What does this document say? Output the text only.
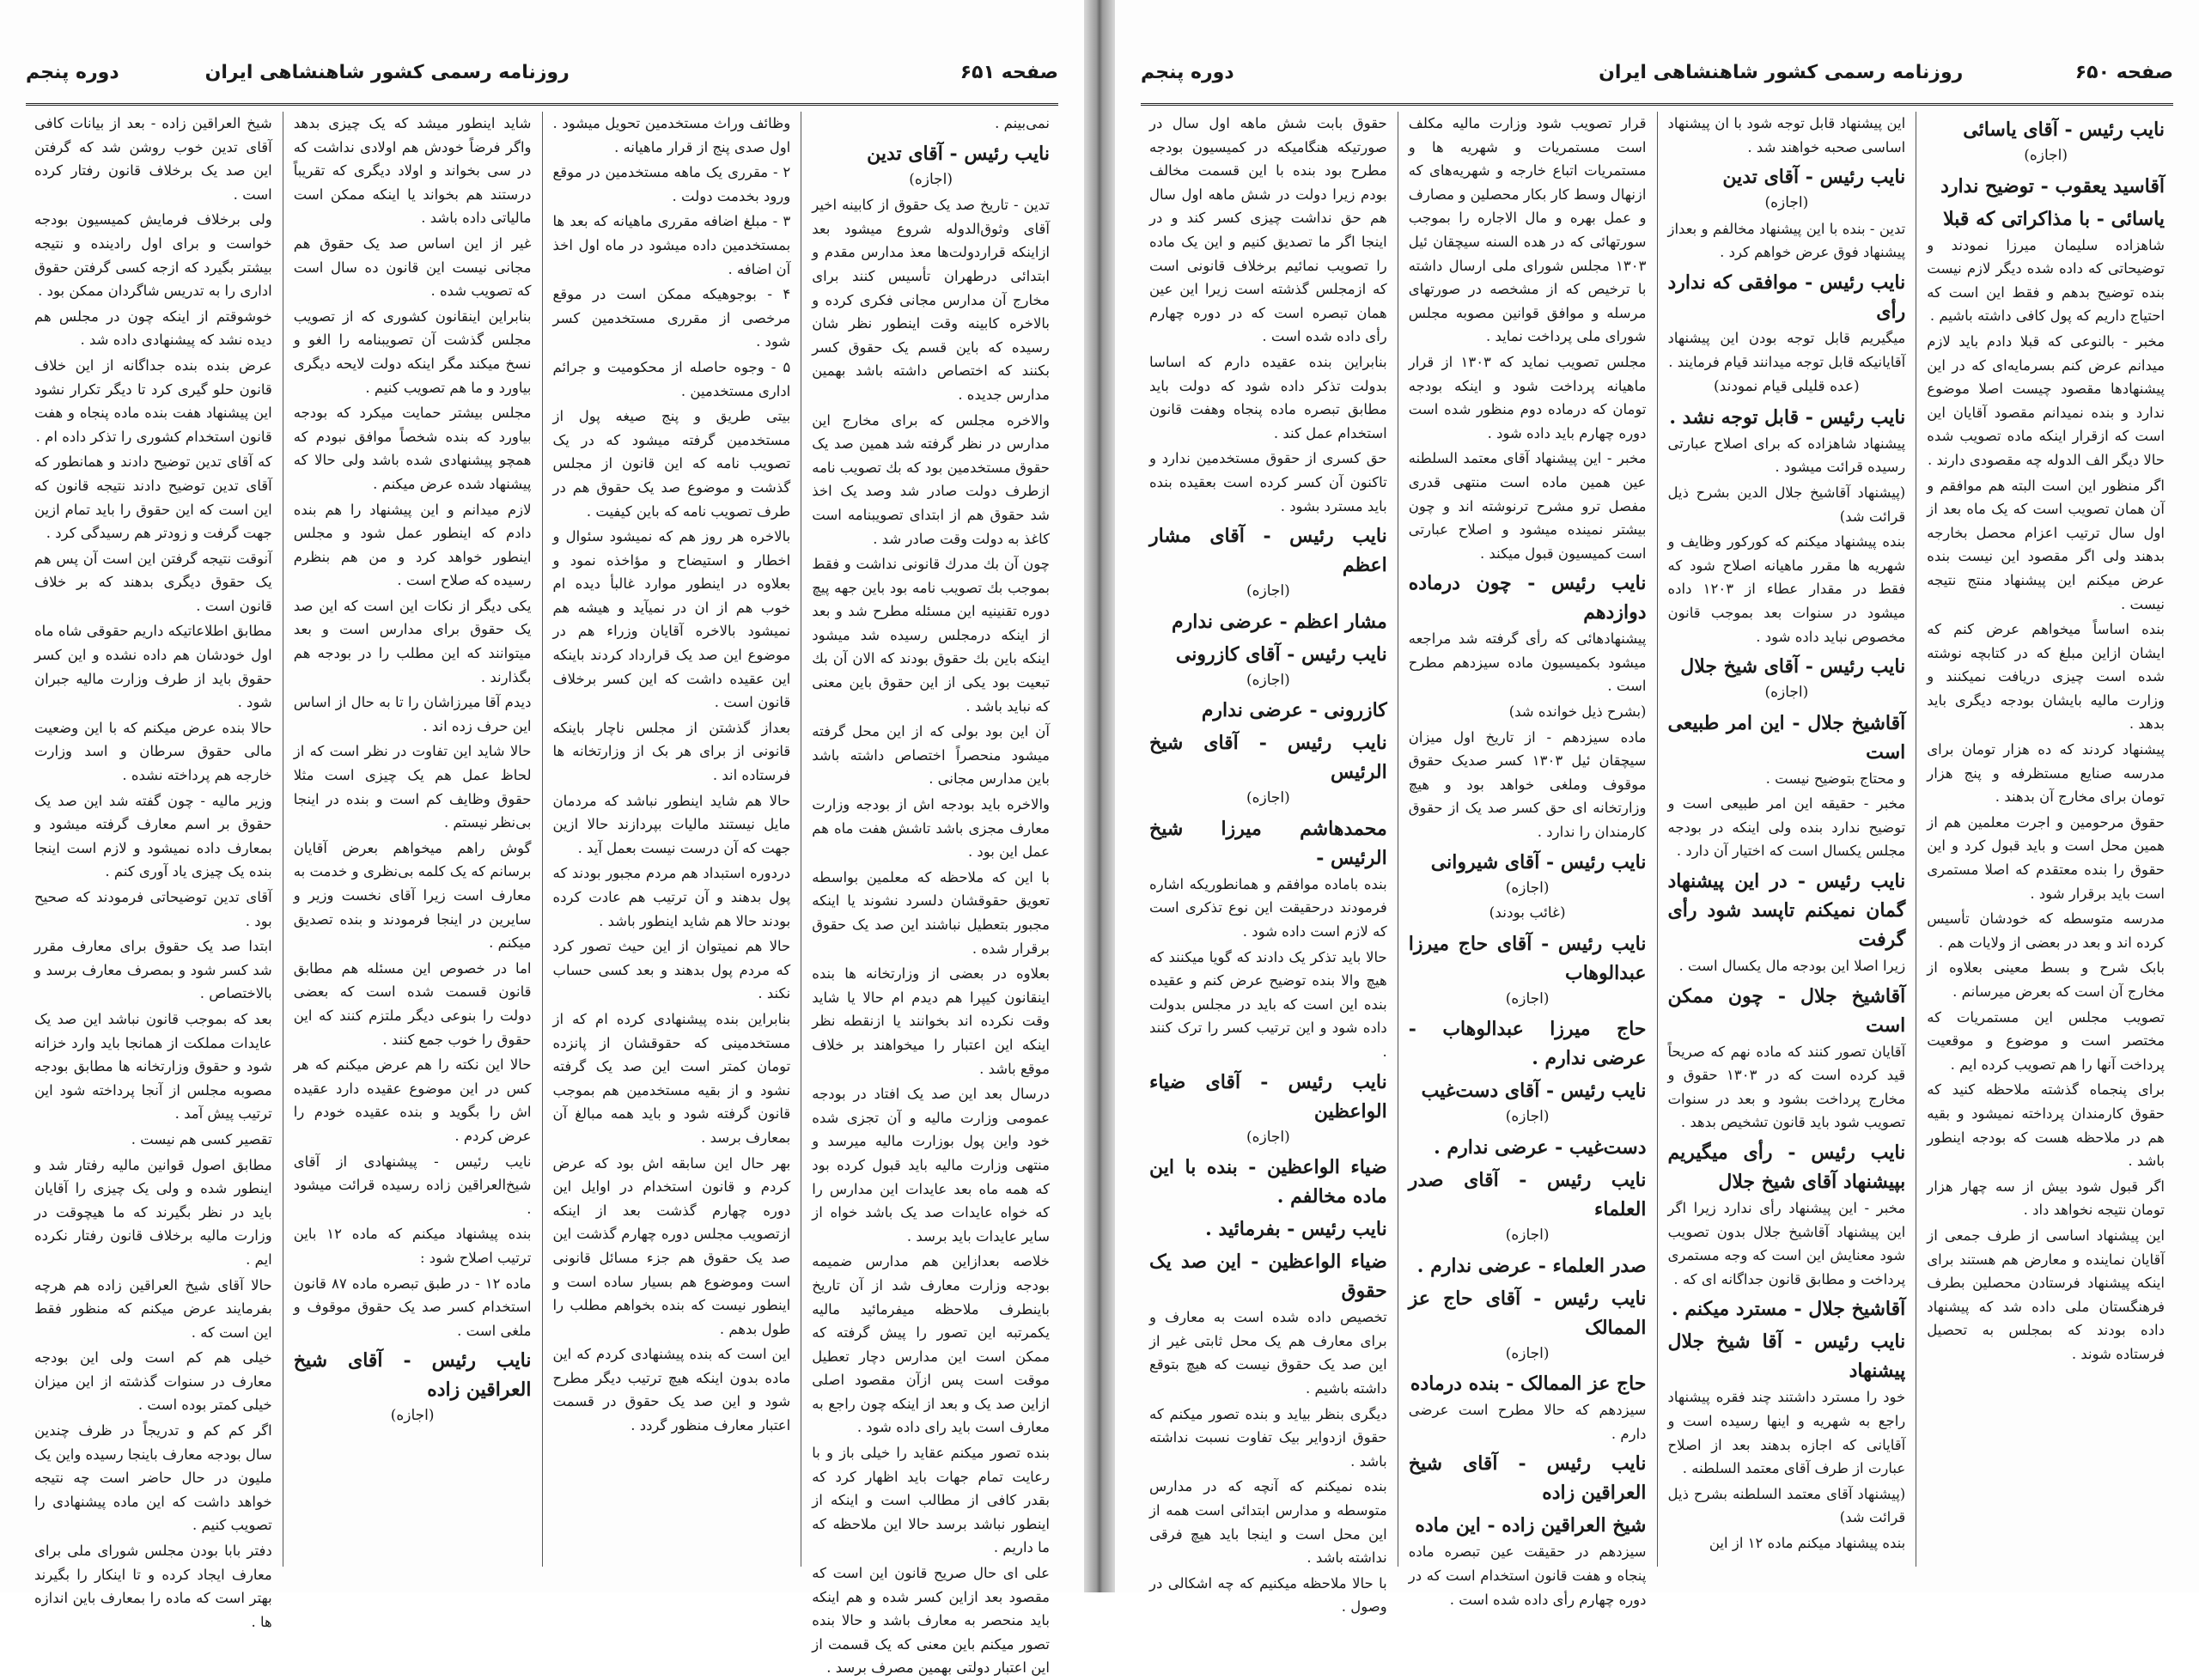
صفحه ۶۵۱
روزنامه رسمی کشور شاهنشاهی ایران
دوره پنجم

نمی‌بینم .

نایب رئیس - آقای تدین
(اجازه)

تدین - تاریخ صد یک حقوق از کابینه اخیر آقای وثوق‌الدوله شروع میشود بعد ازاینکه قراردولت‌ها معذ مدارس مقدم و ابتدائی درطهران تأسیس کنند برای مخارج آن مدارس مجانی فکری کرده و بالاخره کابینه وقت اینطور نظر شان رسیده که باین قسم یک حقوق کسر بکنند که اختصاص داشته باشد بهمین مدارس جدیده .

والاخره مجلس که برای مخارج این مدارس در نظر گرفته شد همین صد یک حقوق مستخدمین بود که بك تصويب نامه ازطرف دولت صادر شد وصد یک اخذ شد حقوق هم از ابتدای تصویبنامه است کاغذ به دولت وقت صادر شد .

چون آن بك مدرك قانونی نداشت و فقط بموجب بك تصويب نامه بود باین جهه پیچ دوره تقنینیه این مسئله مطرح شد و بعد از اینکه درمجلس رسیده شد میشود اینکه باین بك حقوق بودند که الان آن بك تبعیت بود یکی از این حقوق باین معنی که نباید باشد .

آن این بود بولی که از این محل گرفته میشود منحصراً اختصاص داشته باشد باین مدارس مجانی .

والاخره باید بودجه اش از بودجه وزارت معارف مجزی باشد تاشش هفت ماه هم عمل این بود .

با این که ملاحظه که معلمین بواسطه تعویق حقوقشان دلسرد نشوند یا اینکه مجبور بتعطیل نباشند این صد یک حقوق برقرار شده .

بعلاوه در بعضی از وزارتخانه ها بنده اینقانون کیپرا هم دیدم ام حالا یا شاید وقت نکرده اند بخوانند یا ازنقطه نظر اینکه این اعتبار را میخواهند بر خلاف موقع باشد .

درسال بعد این صد یک افتاد در بودجه عمومی وزارت مالیه و آن تجزی شده خود واین پول بوزارت مالیه میرسد و منتهی وزارت مالیه باید قبول کرده بود که همه ماه بعد عایدات این مدارس را که خواه عایدات صد یک باشد خواه از سایر عایدات باید برسد .

خلاصه بعدازاین هم مدارس ضمیمه بودجه وزارت معارف شد از آن تاریخ باینطرف ملاحظه میفرمائید مالیه یکمرتبه این تصور را پیش گرفته که ممکن است این مدارس دچار تعطیل موقت است پس ازآن مقصود اصلی ازاین صد یک و بعد از اینکه چون راجع به معارف است باید رای داده شود .

بنده تصور میکنم عقاید را خیلی باز و با رعایت تمام جهات باید اظهار کرد که بقدر کافی از مطالب است و اینکه از اینطور نباشد برسد حالا این ملاحظه که ما داریم .

علی ای حال صریح قانون این است که مقصود بعد ازاین کسر شده و هم اینکه باید منحصر به معارف باشد و حالا بنده تصور میکنم باین معنی که یک قسمت از این اعتبار دولتی بهمین مصرف برسد .

وظائف وراث مستخدمین تحویل میشود . اول صدی پنج از قرار ماهیانه .

۲ - مقرری یک ماهه مستخدمین در موقع ورود بخدمت دولت .

۳ - مبلغ اضافه مقرری ماهیانه که بعد ها بمستخدمین داده میشود در ماه اول اخذ آن اضافه .

۴ - بوجوهیکه ممکن است در موقع مرخصی از مقرری مستخدمین کسر شود .

۵ - وجوه حاصله از محکومیت و جرائم اداری مستخدمین .

بیتی طریق و پنج صیغه پول از مستخدمین گرفته میشود که در یک تصویب نامه که این قانون از مجلس گذشت و موضوع صد یک حقوق هم در طرف تصویب نامه که باین کیفیت .

بالاخره هر روز هم که نمیشود سئوال و اخطار و استیضاح و مؤاخذه نمود و بعلاوه در اینطور موارد غالبأ دیده ام خوب هم از ان در نمیآید و هیشه هم نمیشود بالاخره آقایان وزراء هم در موضوع این صد یک قرارداد کردند باینکه این عقیده داشت که این کسر برخلاف قانون است .

بعداز گذشتن از مجلس ناچار باینکه قانونی از برای هر بک از وزارتخانه ها فرستاده اند .

حالا هم شاید اینطور نباشد که مردمان مایل نیستند مالیات بپردازند حالا ازین جهت که آن درست نیست بعمل آید .

دردوره استبداد هم مردم مجبور بودند که پول بدهند و آن ترتیب هم عادت کرده بودند حالا هم شاید اینطور باشد .

حالا هم نمیتوان از این حیث تصور کرد که مردم پول بدهند و بعد کسی حساب نکند .

بنابراین بنده پیشنهادی کرده ام که از مستخدمینی که حقوقشان از پانزده تومان کمتر است این صد یک گرفته نشود و از بقیه مستخدمین هم بموجب قانون گرفته شود و باید همه مبالغ آن بمعارف برسد .

بهر حال این سابقه اش بود که عرض کردم و قانون استخدام در اوایل این دوره چهارم گذشت بعد از اینکه ازتصویب مجلس دوره چهارم گذشت این صد یک حقوق هم جزء مسائل قانونی است وموضوع هم بسیار ساده است و اینطور نیست که بنده بخواهم مطلب را طول بدهم .

این است که بنده پیشنهادی کردم که این ماده بدون اینکه هیچ ترتیب دیگر مطرح شود و این صد یک حقوق در قسمت اعتبار معارف منظور گردد .

شاید اینطور میشد که یک چیزی بدهد واگر فرضاً خودش هم اولادی نداشت که در سی بخواند و اولاد دیگری که تقریباً درستند هم بخواند یا اینکه ممکن است مالیاتی داده باشد .

غیر از این اساس صد یک حقوق هم مجانی نیست این قانون ده سال است که تصویب شده .

بنابراین اینقانون کشوری که از تصویب مجلس گذشت آن تصویبنامه را الغو و نسخ میکند مگر اینکه دولت لایحه دیگری بیاورد و ما هم تصویب کنیم .

مجلس بیشتر حمایت میکرد که بودجه بیاورد که بنده شخصاً موافق نبودم که همچو پیشنهادی شده باشد ولی حالا که پیشنهاد شده عرض میکنم .

لازم میدانم و این پیشنهاد را هم بنده دادم که اینطور عمل شود و مجلس اینطور خواهد کرد و من هم بنظرم رسیده که صلاح است .

یکی دیگر از نکات این است که این صد یک حقوق برای مدارس است و بعد میتوانند که این مطلب را در بودجه هم بگذارند .

دیدم آقا میرزاشان را تا به حال از اساس این حرف زده اند .

حالا شاید این تفاوت در نظر است که از لحاظ عمل هم یک چیزی است مثلا حقوق وظایف کم است و بنده در اینجا بی‌نظر نیستم .

گوش راهم میخواهم بعرض آقایان برسانم که یک کلمه بی‌نظری و خدمت به معارف است زیرا آقای نخست وزیر و سایرین در اینجا فرمودند و بنده تصدیق میکنم .

اما در خصوص این مسئله هم مطابق قانون قسمت شده است که بعضی دولت را بنوعی دیگر ملتزم کنند که این حقوق را خوب جمع کنند .

حالا این نکته را هم عرض میکنم که هر کس در این موضوع عقیده دارد عقیده اش را بگوید و بنده عقیده خودم را عرض کردم .

نایب رئیس - پیشنهادی از آقای شیخ‌العراقین زاده رسیده قرائت میشود .

بنده پیشنهاد میکنم که ماده ۱۲ باین ترتیب اصلاح شود :

ماده ۱۲ - در طبق تبصره ماده ۸۷ قانون استخدام کسر صد یک حقوق موقوف و ملغی است .

نایب رئیس - آقای شیخ العراقین زاده
(اجازه)

شیخ العراقین زاده - بعد از بیانات کافی آقای تدین خوب روشن شد که گرفتن این صد یک برخلاف قانون رفتار کرده است .

ولی برخلاف فرمایش کمیسیون بودجه خواست و برای اول رادینده و نتیجه بیشتر بگیرد که ازجه کسی گرفتن حقوق اداری را به تدریس شاگردان ممکن بود .

خوشوقتم از اینکه چون در مجلس هم دیده نشد که پیشنهادی داده شد .

عرض بنده بنده جداگانه از این خلاف قانون حلو گیری کرد تا دیگر تکرار نشود این پیشنهاد هفت بنده ماده پنجاه و هفت قانون استخدام کشوری را تذکر داده ام .

که آقای تدین توضیح دادند و همانطور که آقای تدین توضیح دادند نتیجه قانون که این است که این حقوق را باید تمام ازین جهت گرفت و زودتر هم رسیدگی کرد .

آنوقت نتیجه گرفتن این است آن پس هم یک حقوق دیگری بدهند که بر خلاف قانون است .

مطابق اطلاعاتیکه داریم حقوقی شاه ماه اول خودشان هم داده نشده و این کسر حقوق باید از طرف وزارت مالیه جبران شود .

حالا بنده عرض میکنم که با این وضعیت مالی حقوق سرطان و اسد وزارت خارجه هم پرداخته نشده .

وزیر مالیه - چون گفته شد این صد یک حقوق بر اسم معارف گرفته میشود و بمعارف داده نمیشود و لازم است اینجا بنده یک چیزی یاد آوری کنم .

آقای تدین توضیحاتی فرمودند که صحیح بود .

ابتدا صد یک حقوق برای معارف مقرر شد کسر شود و بمصرف معارف برسد و بالاختصاص .

بعد که بموجب قانون نباشد این صد یک عایدات مملکت از همانجا باید وارد خزانه شود و حقوق وزارتخانه ها مطابق بودجه مصوبه مجلس از آنجا پرداخته شود این ترتیب پیش آمد .

تقصیر کسی هم نیست .

مطابق اصول قوانین مالیه رفتار شد و اینطور شده و ولی یک چیزی را آقایان باید در نظر بگیرند که ما هیچوقت در وزارت مالیه برخلاف قانون رفتار نکرده ایم .

حالا آقای شیخ العراقین زاده هم هرچه بفرمایند عرض میکنم که منظور فقط این است که .

خیلی هم کم است ولی این بودجه معارف در سنوات گذشته از این میزان خیلی کمتر بوده است .

اگر کم کم و تدریجاً در ظرف چندین سال بودجه معارف باینجا رسیده واین یک ملیون در حال حاضر است چه نتیجه خواهد داشت که این ماده پیشنهادی را تصویب کنیم .

دفتر بابا بودن مجلس شورای ملی برای معارف ایجاد کرده و تا اینکار را بگیرند بهتر است که ماده را بمعارف باین اندازه ها .

صفحه ۶۵۰
روزنامه رسمی کشور شاهنشاهی ایران
دوره پنجم
نایب رئیس - آقای یاسائی
(اجازه)
آقاسید یعقوب - توضیح ندارد
یاسائی - با مذاکراتی که قبلا

شاهزاده سلیمان میرزا نمودند و توضیحاتی که داده شده دیگر لازم نیست بنده توضیح بدهم و فقط این است که احتیاج داریم که پول کافی داشته باشیم .

مخبر - بالنوعی که قبلا دادم باید لازم میدانم عرض کنم بسرمایه‌ای که در این پیشنهادها مقصود چیست اصلا موضوع ندارد و بنده نمیدانم مقصود آقایان این است که ازقرار اینکه ماده تصویب شده حالا دیگر الف الدوله چه مقصودی دارند .

اگر منظور این است البته هم موافقم و آن همان تصویب است که یک ماه بعد از اول سال ترتیب اعزام محصل بخارجه بدهند ولی اگر مقصود این نیست بنده عرض میکنم این پیشنهاد منتج نتیجه نیست .

بنده اساساً میخواهم عرض کنم که ایشان ازاین مبلغ که در کتابچه نوشته شده است چیزی دریافت نمیکنند و وزارت مالیه بایشان بودجه دیگری باید بدهد .

پیشنهاد کردند که ده هزار تومان برای مدرسه صنایع مستظرفه و پنج هزار تومان برای مخارج آن بدهند .

حقوق مرحومین و اجرت معلمین هم از همین محل است و باید قبول کرد و این حقوق را بنده معتقدم که اصلا مستمری است باید برقرار شود .

مدرسه متوسطه که خودشان تأسیس کرده اند و بعد در بعضی از ولایات هم .

بابک شرح و بسط معینی بعلاوه از مخارج آن است که بعرض میرسانم .

تصویب مجلس این مستمریات که مختصر است و موضوع و موقعیت پرداخت آنها را هم تصویب کرده ایم .

برای پنجماه گذشته ملاحظه کنید که حقوق کارمندان پرداخته نمیشود و بقیه هم در ملاحظه هست که بودجه اینطور باشد .

اگر قبول شود بیش از سه چهار هزار تومان نتیجه نخواهد داد .

این پیشنهاد اساسی از طرف جمعی از آقایان نماینده و معارض هم هستند برای اینکه پیشنهاد فرستادن محصلین بطرف فرهنگستان ملی داده شد که پیشنهاد داده بودند که بمجلس به تحصیل فرستاده شوند .

این پیشنهاد قابل توجه شود با ان پیشنهاد اساسی صحبه خواهند شد .

نایب رئیس - آقای تدین
(اجازه)

تدین - بنده با این پیشنهاد مخالفم و بعداز پیشنهاد فوق عرض خواهم کرد .

نایب رئیس - موافقی که ندارد رأی

میگیریم قابل توجه بودن این پیشنهاد آقایانیکه قابل توجه میدانند قیام فرمایند .

(عده قلیلی قیام نمودند)
نایب رئیس - قابل توجه نشد .

پیشنهاد شاهزاده که برای اصلاح عبارتی رسیده قرائت میشود .

(پیشنهاد آقاشیخ جلال الدین بشرح ذیل قرائت شد)

بنده پیشنهاد میکنم که کورکور وظایف و شهریه ها مقرر ماهیانه اصلاح شود که فقط در مقدار عطاء از ۱۲۰۳ داده میشود در سنوات بعد بموجب قانون مخصوص نباید داده شود .

نایب رئیس - آقای شیخ جلال
(اجازه)
آقاشیخ جلال - این امر طبیعی است

و محتاج بتوضیح نیست .

مخبر - حقیقه این امر طبیعی است و توضیح ندارد بنده ولی اینکه در بودجه مجلس یکسال است که اختیار آن دارد .

نایب رئیس - در این پیشنهاد گمان نمیکنم تاپسد شود رأی گرفت

زیرا اصلا این بودجه مال یکسال است .

آقاشیخ جلال - چون ممکن است

آقایان تصور کنند که ماده نهم که صریحاً قید کرده است که در ۱۳۰۳ حقوق و مخارج پرداخت بشود و بعد در سنوات تصویب شود باید قانون تشخیص بدهد .

نایب رئیس - رأی میگیریم بپیشنهاد آقای شیخ جلال

مخبر - این پیشنهاد رأی ندارد زیرا اگر این پیشنهاد آقاشیخ جلال بدون تصویب شود معنایش این است که وجه مستمری پرداخت و مطابق قانون جداگانه ای که .

آقاشیخ جلال - مسترد میکنم .
نایب رئیس - آقا شیخ جلال پیشنهاد

خود را مسترد داشتند چند فقره پیشنهاد راجع به شهریه و اینها رسیده است و آقایانی که اجازه بدهند بعد از اصلاح عبارت از طرف آقای معتمد السلطنه .

(پیشنهاد آقای معتمد السلطنه بشرح ذیل قرائت شد)

بنده پیشنهاد میکنم ماده ۱۲ از این

قرار تصویب شود وزارت مالیه مکلف است مستمریات و شهریه ها و مستمریات اتباع خارجه و شهریه‌های که ازنهال وسط کار بکار محصلین و مصارف و عمل بهره و مال الاجاره را بموجب سورتهائی که در هده السنه سیچقان ئیل ۱۳۰۳ مجلس شورای ملی ارسال داشته با ترخیص که از مشخصه در صورتهای مرسله و موافق قوانین مصوبه مجلس شورای ملی پرداخت نماید .

مجلس تصویب نماید که ۱۳۰۳ از قرار ماهیانه پرداخت شود و اینکه بودجه تومان که درماده دوم منظور شده است دوره چهارم باید داده شود .

مخبر - این پیشنهاد آقای معتمد السلطنه عین همین ماده است منتهی قدری مفصل ترو مشرح ترنوشته اند و چون بیشتر نمینده میشود و اصلاح عبارتی است کمیسیون قبول میکند .

نایب رئیس - چون درماده دوازدهم

پیشنهادهائی که رأی گرفته شد مراجعه میشود بکمیسیون ماده سیزدهم مطرح است .

(بشرح ذیل خوانده شد)

ماده سیزدهم - از تاریخ اول میزان سیچقان ئیل ۱۳۰۳ کسر صدیک حقوق موقوف وملغی خواهد بود و هیچ وزارتخانه ای حق کسر صد یک از حقوق کارمندان را ندارد .

نایب رئیس - آقای شیروانی
(اجازه)
(غائب بودند)
نایب رئیس - آقای حاج میرزا عبدالوهاب
(اجازه)
حاج میرزا عبدالوهاب - عرضی ندارم .
نایب رئیس - آقای دست‌غیب
(اجازه)
دست‌غیب - عرضی ندارم .
نایب رئیس - آقای صدر العلماء
(اجازه)
صدر العلماء - عرضی ندارم .
نایب رئیس - آقای حاج عز الممالک
(اجازه)
حاج عز الممالک - بنده درماده

سیزدهم که حالا مطرح است عرضی دارم .

نایب رئیس - آقای شیخ العراقین زاده
شیخ العراقین زاده - این ماده

سیزدهم در حقیقت عین تبصره ماده پنجاه و هفت قانون استخدام است که در دوره چهارم رأی داده شده است .

حقوق بابت شش ماهه اول سال در صورتیکه هنگامیکه در کمیسیون بودجه مطرح بود بنده با این قسمت مخالف بودم زیرا دولت در شش ماهه اول سال هم حق نداشت چیزی کسر کند و در اینجا اگر ما تصدیق کنیم و این یک ماده را تصویب نمائیم برخلاف قانونی است که ازمجلس گذشته است زیرا این عین همان تبصره است که در دوره چهارم رأی داده شده است .

بنابراین بنده عقیده دارم که اساسا بدولت تذکر داده شود که دولت باید مطابق تبصره ماده پنجاه وهفت قانون استخدام عمل کند .

حق کسری از حقوق مستخدمین ندارد و تاکنون آن کسر کرده است بعقیده بنده باید مسترد بشود .

نایب رئیس - آقای مشار اعظم
(اجازه)
مشار اعظم - عرضی ندارم
نایب رئیس - آقای کازرونی
(اجازه)
کازرونی - عرضی ندارم
نایب رئیس - آقای شیخ الرئیس
(اجازه)
محمدهاشم میرزا شیخ الرئیس -

بنده باماده موافقم و همانطوریکه اشاره فرمودند درحقیقت این نوع تذکری است که لازم است داده شود .

حالا باید تذکر یک دادند که گویا میکنند که هیچ والا بنده توضیح عرض کنم و عقیده بنده این است که باید در مجلس بدولت داده شود و این ترتیب کسر را ترک کنند .

نایب رئیس - آقای ضیاء الواعظین
(اجازه)
ضیاء الواعظین - بنده با این ماده مخالفم .
نایب رئیس - بفرمائید .
ضیاء الواعظین - این صد یک حقوق

تخصیص داده شده است به معارف و برای معارف هم یک محل ثابتی غیر از این صد یک حقوق نیست که هیچ بتوقع داشته باشیم .

دیگری بنظر بیاید و بنده تصور میکنم که حقوق ازدوایر بیک تفاوت نسبت نداشته باشد .

بنده نمیکنم که آنچه که در مدارس متوسطه و مدارس ابتدائی است همه از این محل است و اینجا باید هیچ فرقی نداشته باشد .

با حالا ملاحظه میکنیم که چه اشکالی در وصول .
